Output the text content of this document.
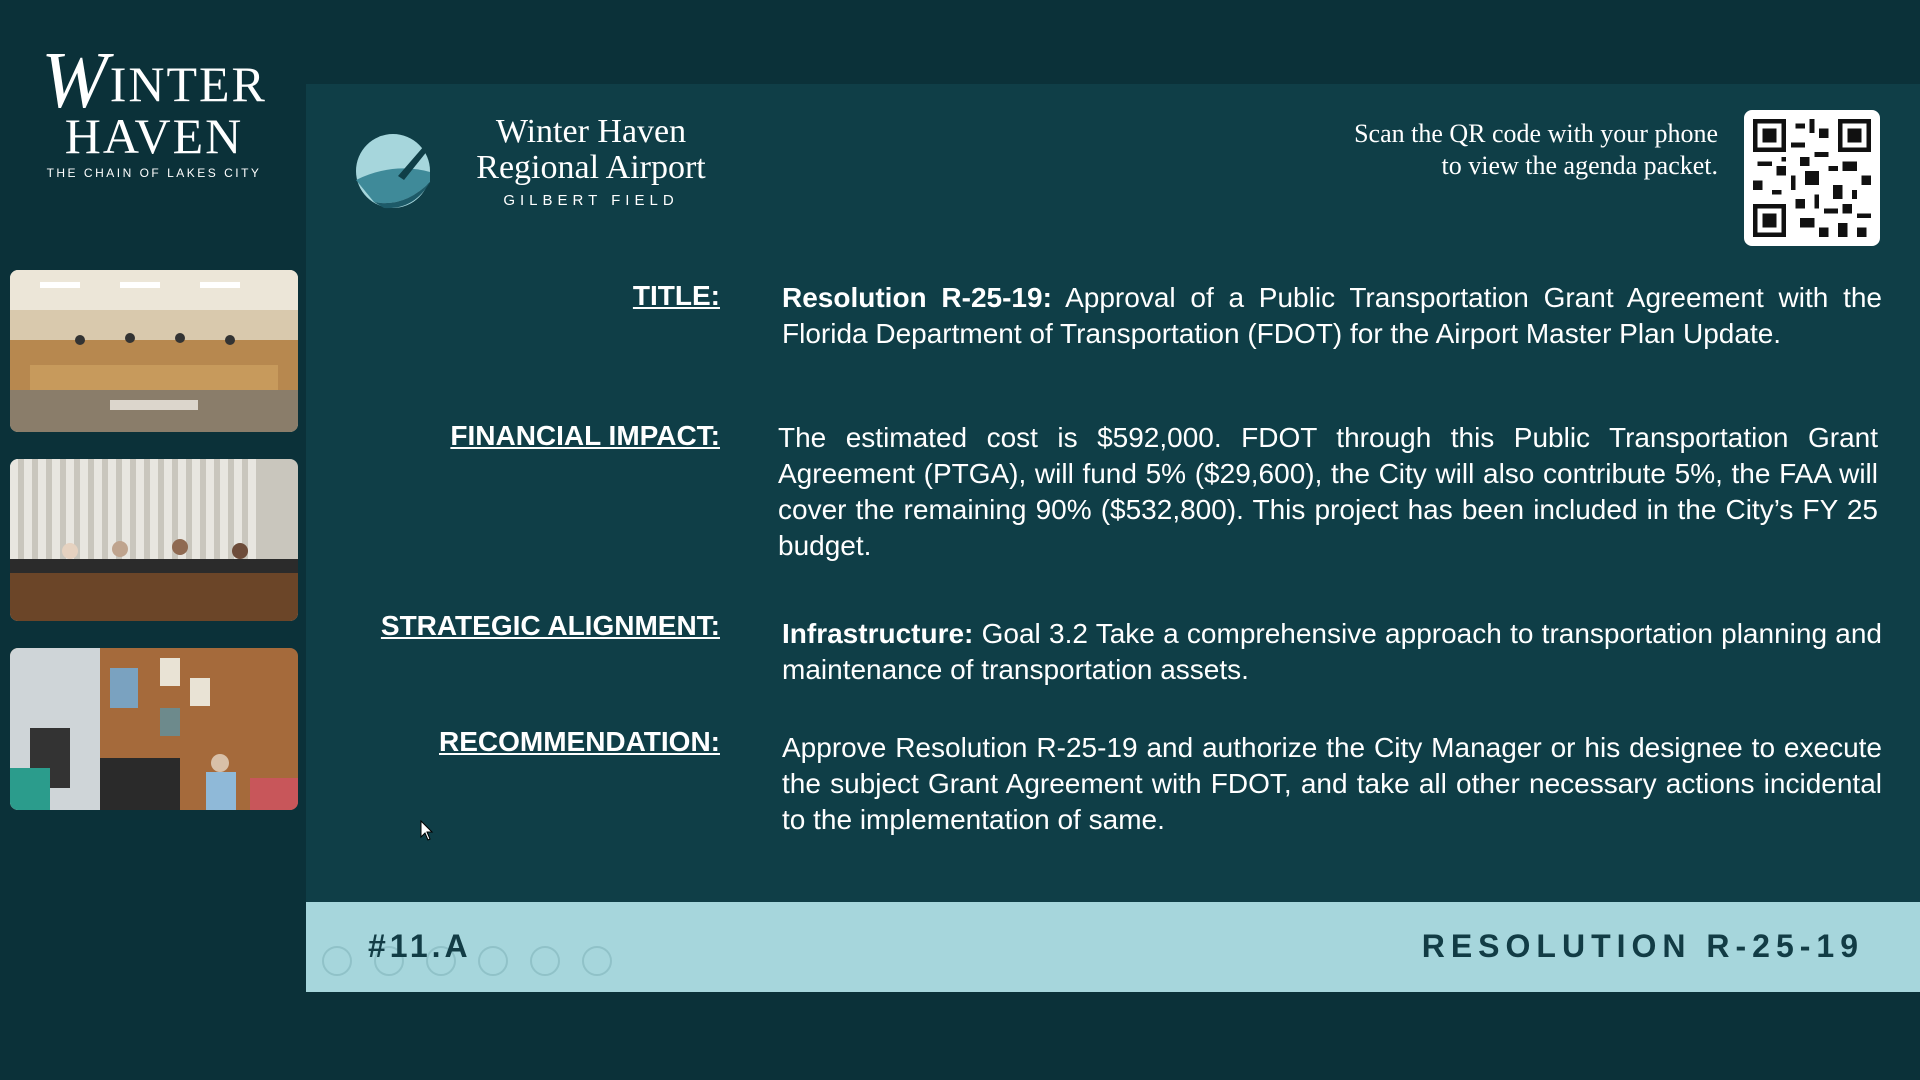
WINTER
HAVEN
THE CHAIN OF LAKES CITY
Winter Haven
Regional Airport
GILBERT FIELD
Scan the QR code with your phone
to view the agenda packet.
TITLE: Resolution R-25-19: Approval of a Public Transportation Grant Agreement with the Florida Department of Transportation (FDOT) for the Airport Master Plan Update.
FINANCIAL IMPACT: The estimated cost is $592,000. FDOT through this Public Transportation Grant Agreement (PTGA), will fund 5% ($29,600), the City will also contribute 5%, the FAA will cover the remaining 90% ($532,800). This project has been included in the City’s FY 25 budget.
STRATEGIC ALIGNMENT: Infrastructure: Goal 3.2 Take a comprehensive approach to transportation planning and maintenance of transportation assets.
RECOMMENDATION: Approve Resolution R-25-19 and authorize the City Manager or his designee to execute the subject Grant Agreement with FDOT, and take all other necessary actions incidental to the implementation of same.
#11.A	RESOLUTION R-25-19
